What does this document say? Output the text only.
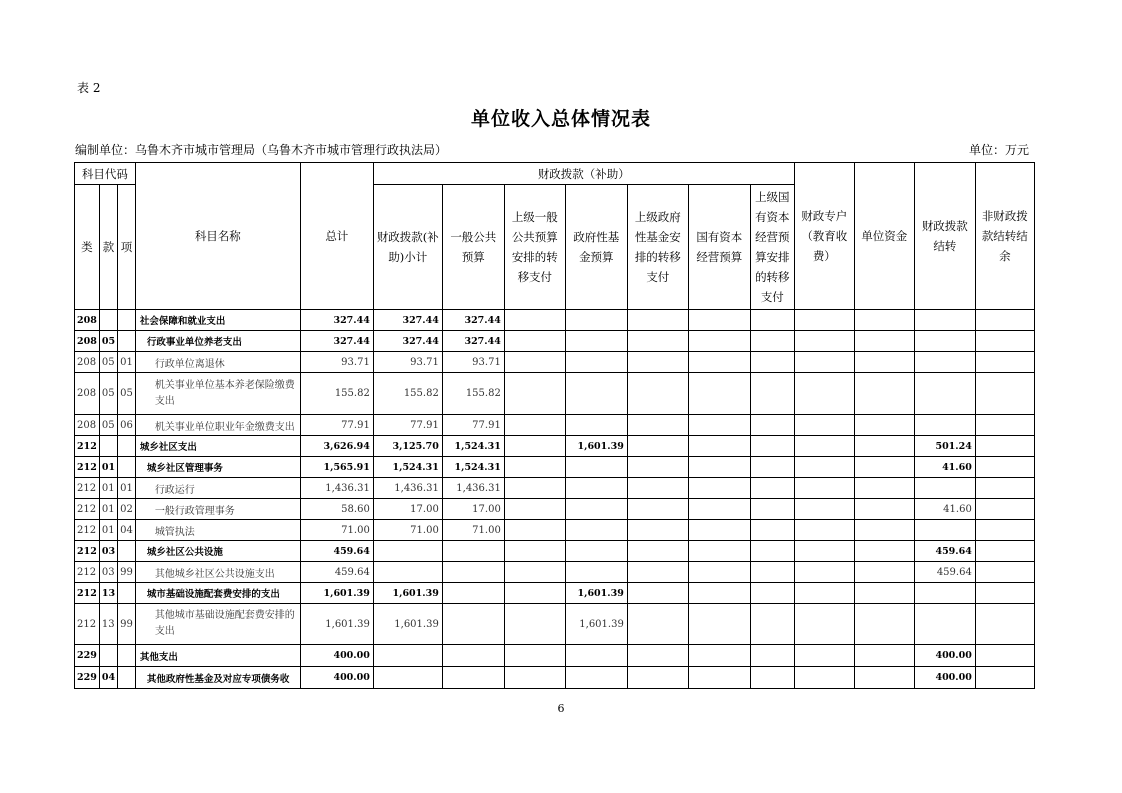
表 2
单位收入总体情况表
编制单位：乌鲁木齐市城市管理局（乌鲁木齐市城市管理行政执法局）	单位：万元
科目代码			科目名称	总计	财政拨款（补助）							财政专户（教育收费）	单位资金	财政拨款结转	非财政拨款结转结余
类	款	项			财政拨款(补助)小计	一般公共预算	上级一般公共预算安排的转移支付	政府性基金预算	上级政府性基金安排的转移支付	国有资本经营预算	上级国有资本经营预算安排的转移支付				
208			社会保障和就业支出	327.44	327.44	327.44									
208	05		行政事业单位养老支出	327.44	327.44	327.44									
208	05	01	行政单位离退休	93.71	93.71	93.71									
208	05	05	机关事业单位基本养老保险缴费支出	155.82	155.82	155.82									
208	05	06	机关事业单位职业年金缴费支出	77.91	77.91	77.91									
212			城乡社区支出	3,626.94	3,125.70	1,524.31		1,601.39						501.24	
212	01		城乡社区管理事务	1,565.91	1,524.31	1,524.31								41.60	
212	01	01	行政运行	1,436.31	1,436.31	1,436.31									
212	01	02	一般行政管理事务	58.60	17.00	17.00								41.60	
212	01	04	城管执法	71.00	71.00	71.00									
212	03		城乡社区公共设施	459.64										459.64	
212	03	99	其他城乡社区公共设施支出	459.64										459.64	
212	13		城市基础设施配套费安排的支出	1,601.39	1,601.39			1,601.39							
212	13	99	其他城市基础设施配套费安排的支出	1,601.39	1,601.39			1,601.39							
229			其他支出	400.00										400.00	
229	04		其他政府性基金及对应专项债务收	400.00										400.00	
6
